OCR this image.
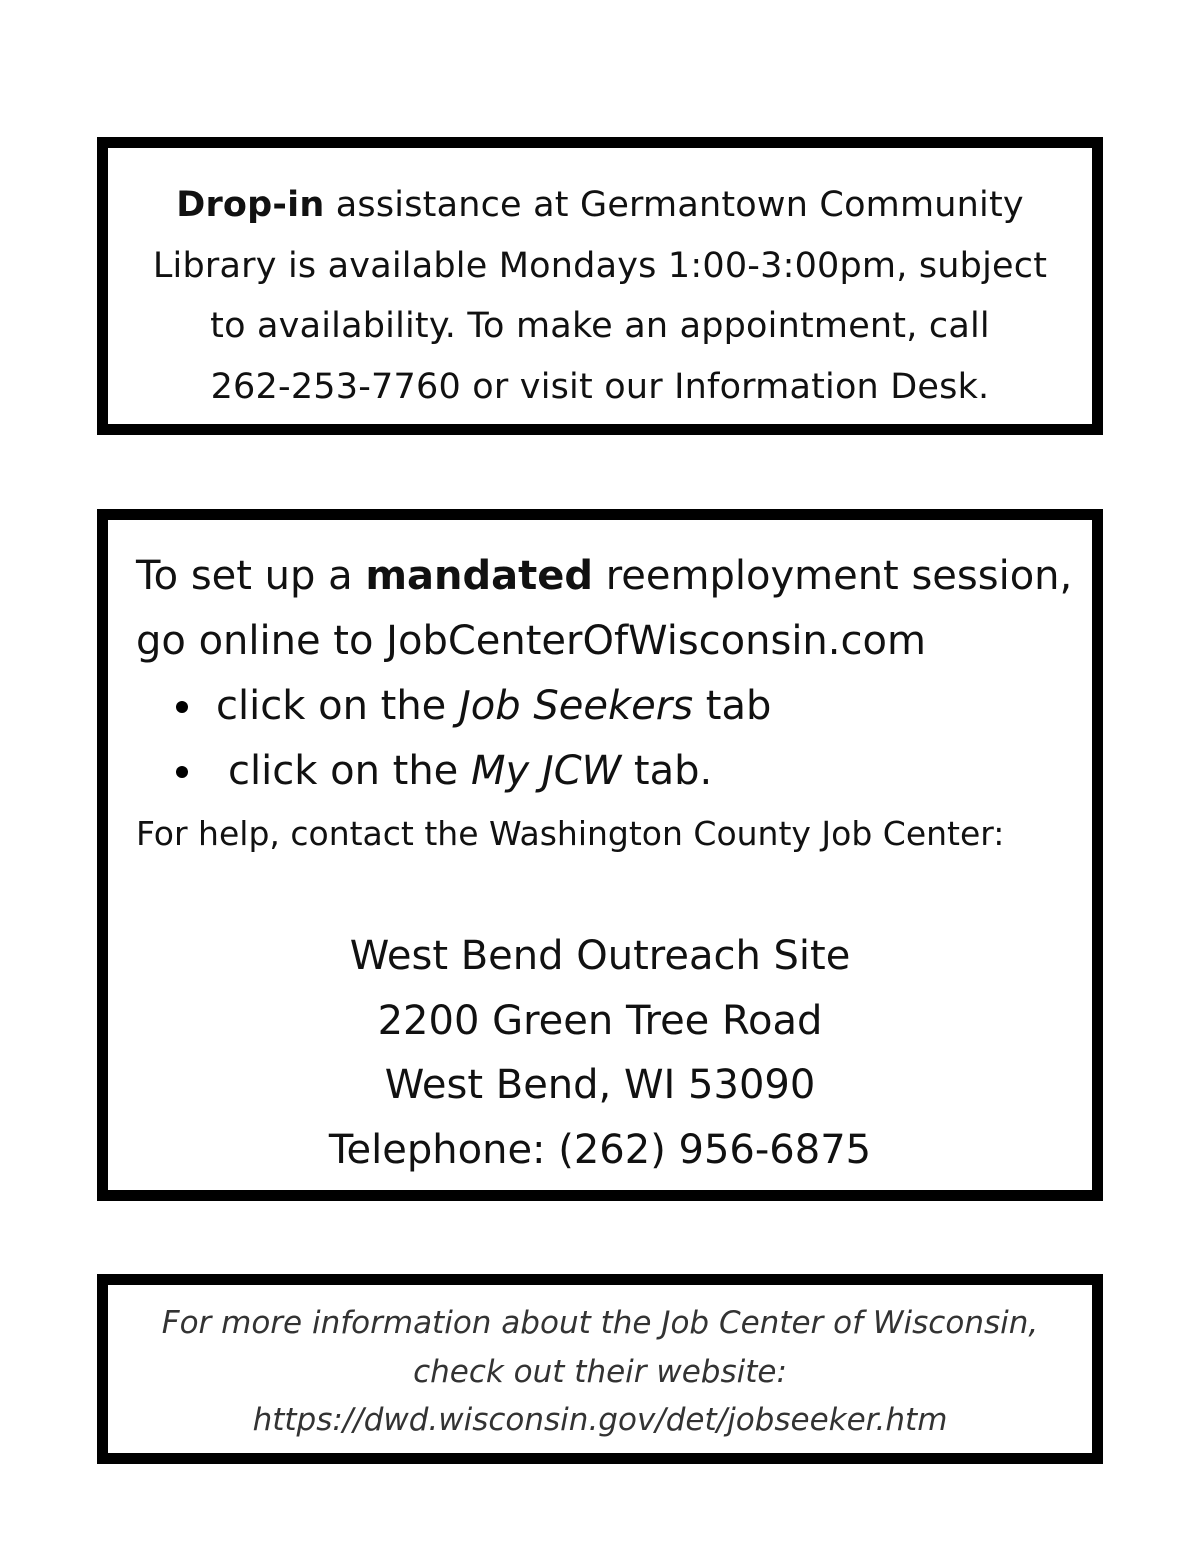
Drop-in assistance at Germantown Community
Library is available Mondays 1:00-3:00pm, subject
to availability. To make an appointment, call
262-253-7760 or visit our Information Desk.
To set up a mandated reemployment session,
go online to JobCenterOfWisconsin.com
click on the Job Seekers tab
click on the My JCW tab.
For help, contact the Washington County Job Center:
West Bend Outreach Site
2200 Green Tree Road
West Bend, WI 53090
Telephone: (262) 956-6875
For more information about the Job Center of Wisconsin,
check out their website:
https://dwd.wisconsin.gov/det/jobseeker.htm
